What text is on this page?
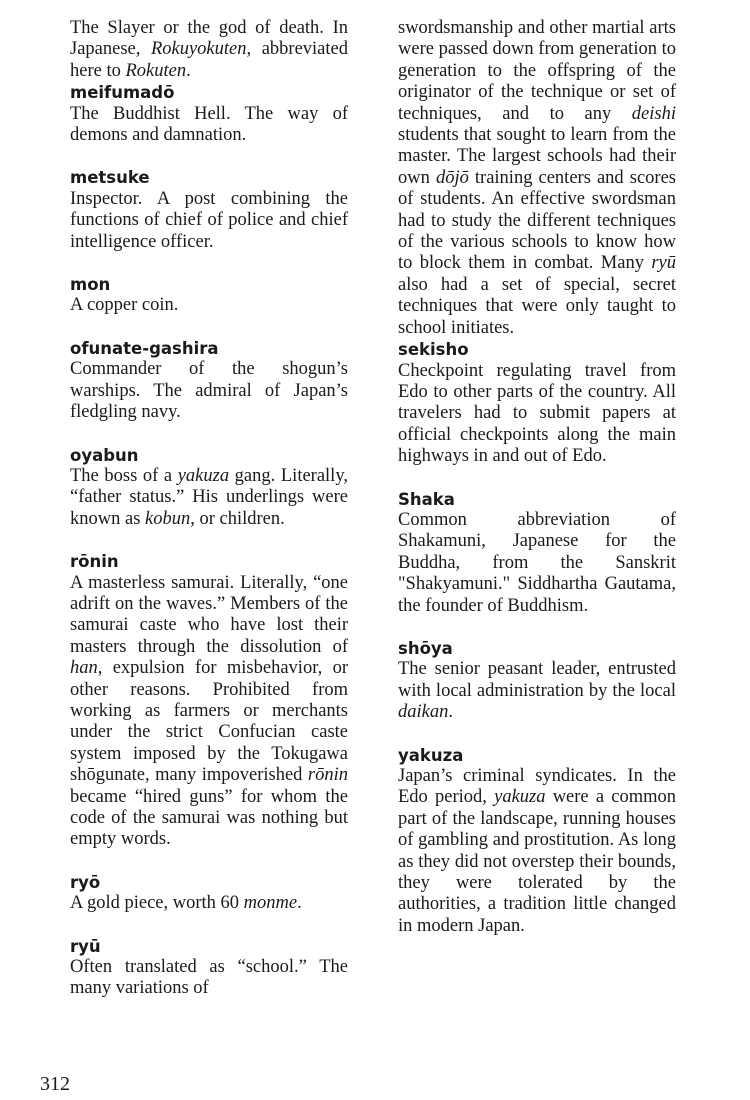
The Slayer or the god of death. In Japanese, Rokuyokuten, abbreviated here to Rokuten.
meifumadō
The Buddhist Hell. The way of demons and damnation.
metsuke
Inspector. A post combining the functions of chief of police and chief intelligence officer.
mon
A copper coin.
ofunate-gashira
Commander of the shogun’s warships. The admiral of Japan’s fledgling navy.
oyabun
The boss of a yakuza gang. Literally, “father status.” His underlings were known as kobun, or children.
rōnin
A masterless samurai. Literally, “one adrift on the waves.” Members of the samurai caste who have lost their masters through the dissolution of han, expulsion for misbehavior, or other reasons. Prohibited from working as farmers or merchants under the strict Confucian caste system imposed by the Tokugawa shōgunate, many impoverished rōnin became “hired guns” for whom the code of the samurai was nothing but empty words.
ryō
A gold piece, worth 60 monme.
ryū
Often translated as “school.” The many variations of
swordsmanship and other martial arts were passed down from generation to generation to the offspring of the originator of the technique or set of techniques, and to any deishi students that sought to learn from the master. The largest schools had their own dōjō training centers and scores of students. An effective swordsman had to study the different techniques of the various schools to know how to block them in combat. Many ryū also had a set of special, secret techniques that were only taught to school initiates.
sekisho
Checkpoint regulating travel from Edo to other parts of the country. All travelers had to submit papers at official checkpoints along the main highways in and out of Edo.
Shaka
Common abbreviation of Shakamuni, Japanese for the Buddha, from the Sanskrit "Shakyamuni." Siddhartha Gautama, the founder of Buddhism.
shōya
The senior peasant leader, entrusted with local administration by the local daikan.
yakuza
Japan’s criminal syndicates. In the Edo period, yakuza were a common part of the landscape, running houses of gambling and prostitution. As long as they did not overstep their bounds, they were tolerated by the authorities, a tradition little changed in modern Japan.
312
